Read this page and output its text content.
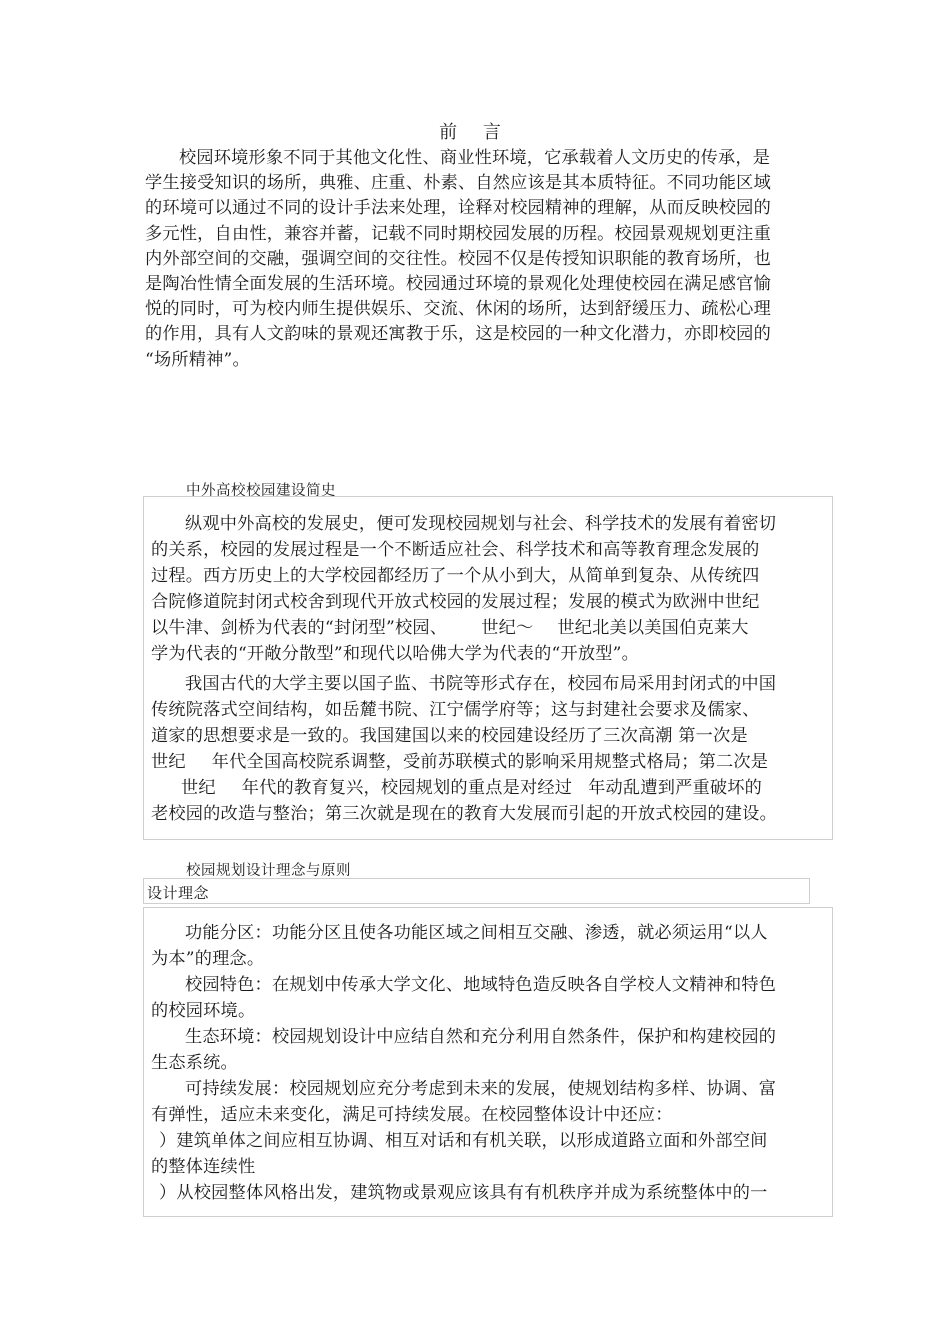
前 言
校园环境形象不同于其他文化性、商业性环境，它承载着人文历史的传承，是
学生接受知识的场所，典雅、庄重、朴素、自然应该是其本质特征。不同功能区域
的环境可以通过不同的设计手法来处理，诠释对校园精神的理解，从而反映校园的
多元性，自由性，兼容并蓄，记载不同时期校园发展的历程。校园景观规划更注重
内外部空间的交融，强调空间的交往性。校园不仅是传授知识职能的教育场所，也
是陶冶性情全面发展的生活环境。校园通过环境的景观化处理使校园在满足感官愉
悦的同时，可为校内师生提供娱乐、交流、休闲的场所，达到舒缓压力、疏松心理
的作用，具有人文韵味的景观还寓教于乐，这是校园的一种文化潜力，亦即校园的
“场所精神”。
中外高校校园建设简史
纵观中外高校的发展史，便可发现校园规划与社会、科学技术的发展有着密切
的关系，校园的发展过程是一个不断适应社会、科学技术和高等教育理念发展的
过程。西方历史上的大学校园都经历了一个从小到大，从简单到复杂、从传统四
合院修道院封闭式校舍到现代开放式校园的发展过程；发展的模式为欧洲中世纪
以牛津、剑桥为代表的“封闭型”校园、 世纪～ 世纪北美以美国伯克莱大
学为代表的“开敞分散型”和现代以哈佛大学为代表的“开放型”。
我国古代的大学主要以国子监、书院等形式存在，校园布局采用封闭式的中国
传统院落式空间结构，如岳麓书院、江宁儒学府等；这与封建社会要求及儒家、
道家的思想要求是一致的。我国建国以来的校园建设经历了三次高潮 第一次是
世纪 年代全国高校院系调整，受前苏联模式的影响采用规整式格局；第二次是
世纪 年代的教育复兴，校园规划的重点是对经过 年动乱遭到严重破坏的
老校园的改造与整治；第三次就是现在的教育大发展而引起的开放式校园的建设。
校园规划设计理念与原则
设计理念
功能分区：功能分区且使各功能区域之间相互交融、渗透，就必须运用“以人
为本”的理念。
校园特色：在规划中传承大学文化、地域特色造反映各自学校人文精神和特色
的校园环境。
生态环境：校园规划设计中应结自然和充分利用自然条件，保护和构建校园的
生态系统。
可持续发展：校园规划应充分考虑到未来的发展，使规划结构多样、协调、富
有弹性，适应未来变化，满足可持续发展。在校园整体设计中还应：
）建筑单体之间应相互协调、相互对话和有机关联，以形成道路立面和外部空间
的整体连续性
）从校园整体风格出发，建筑物或景观应该具有有机秩序并成为系统整体中的一
